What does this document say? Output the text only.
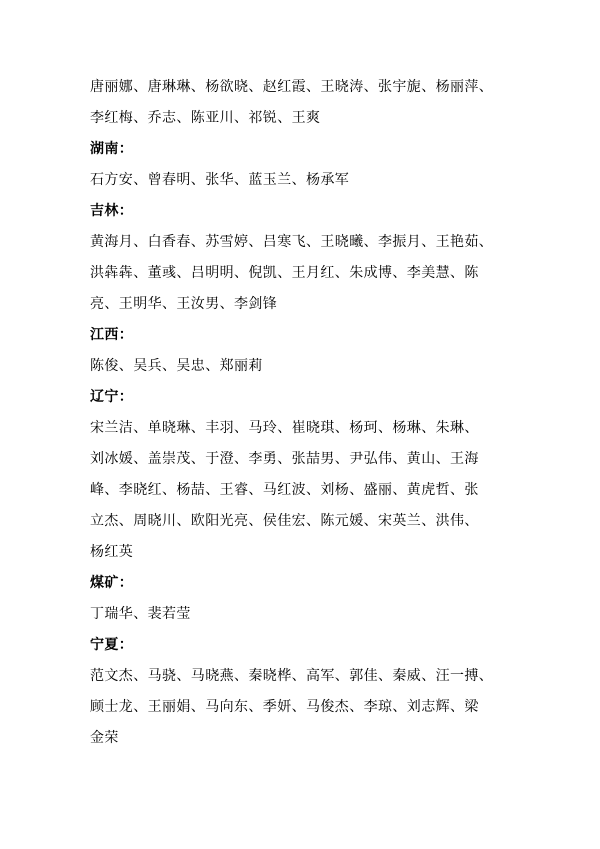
唐丽娜、唐琳琳、杨欲晓、赵红霞、王晓涛、张宇旎、杨丽萍、
李红梅、乔志、陈亚川、祁锐、王爽
湖南：
石方安、曾春明、张华、蓝玉兰、杨承军
吉林：
黄海月、白香春、苏雪婷、吕寒飞、王晓曦、李振月、王艳茹、
洪犇犇、董彧、吕明明、倪凯、王月红、朱成博、李美慧、陈
亮、王明华、王汝男、李剑锋
江西：
陈俊、吴兵、吴忠、郑丽莉
辽宁：
宋兰洁、单晓琳、丰羽、马玲、崔晓琪、杨珂、杨琳、朱琳、
刘冰媛、盖崇茂、于澄、李勇、张喆男、尹弘伟、黄山、王海
峰、李晓红、杨喆、王睿、马红波、刘杨、盛丽、黄虎哲、张
立杰、周晓川、欧阳光亮、侯佳宏、陈元媛、宋英兰、洪伟、
杨红英
煤矿：
丁瑞华、裴若莹
宁夏：
范文杰、马骁、马晓燕、秦晓桦、高军、郭佳、秦威、汪一搏、
顾士龙、王丽娟、马向东、季妍、马俊杰、李琼、刘志辉、梁
金荣
